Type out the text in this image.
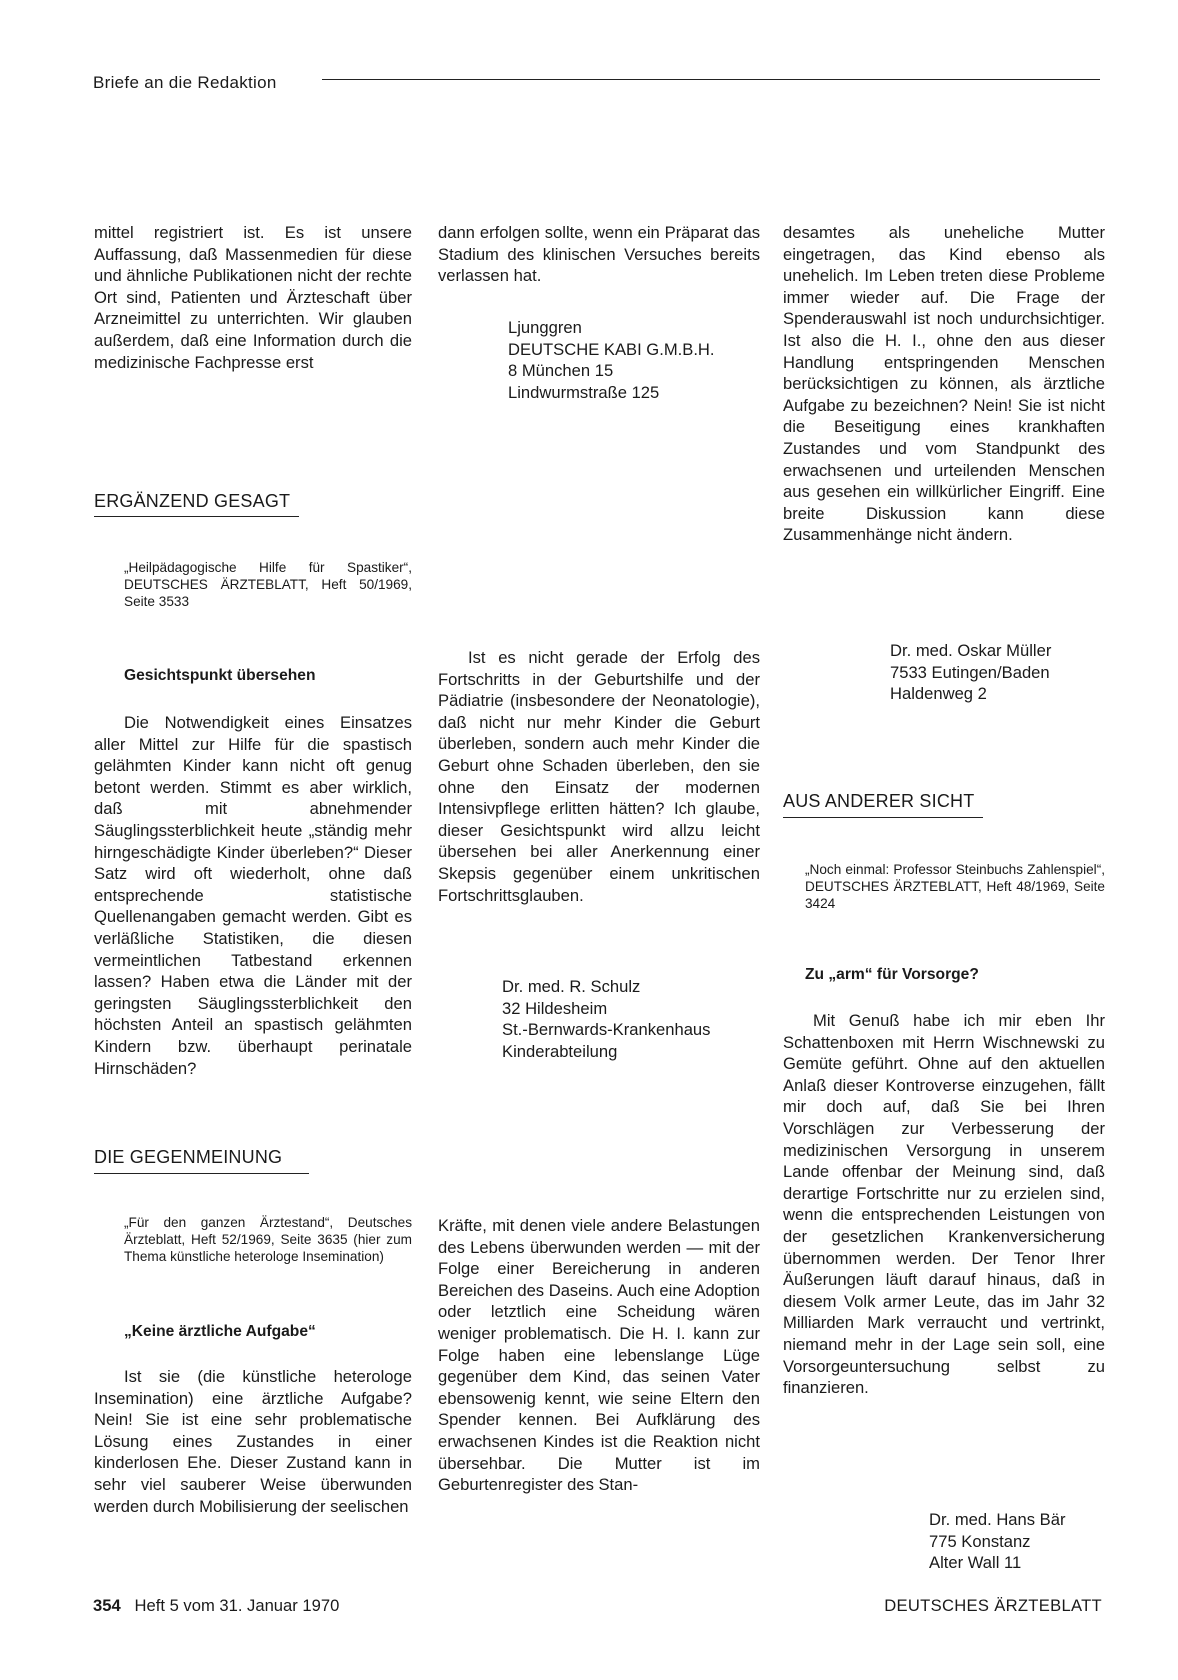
Briefe an die Redaktion

mittel registriert ist. Es ist unsere Auffassung, daß Massenmedien für diese und ähnliche Publikationen nicht der rechte Ort sind, Patienten und Ärzteschaft über Arzneimittel zu unterrichten. Wir glauben außerdem, daß eine Information durch die medizinische Fachpresse erst

dann erfolgen sollte, wenn ein Präparat das Stadium des klinischen Versuches bereits verlassen hat.

Ljunggren
DEUTSCHE KABI G.M.B.H.
8 München 15
Lindwurmstraße 125

desamtes als uneheliche Mutter eingetragen, das Kind ebenso als unehelich. Im Leben treten diese Probleme immer wieder auf. Die Frage der Spenderauswahl ist noch undurchsichtiger. Ist also die H. I., ohne den aus dieser Handlung entspringenden Menschen berücksichtigen zu können, als ärztliche Aufgabe zu bezeichnen? Nein! Sie ist nicht die Beseitigung eines krankhaften Zustandes und vom Standpunkt des erwachsenen und urteilenden Menschen aus gesehen ein willkürlicher Eingriff. Eine breite Diskussion kann diese Zusammenhänge nicht ändern.

Dr. med. Oskar Müller
7533 Eutingen/Baden
Haldenweg 2
ERGÄNZEND GESAGT

„Heilpädagogische Hilfe für Spastiker“, DEUTSCHES ÄRZTEBLATT, Heft 50/1969, Seite 3533

Gesichtspunkt übersehen

Die Notwendigkeit eines Einsatzes aller Mittel zur Hilfe für die spastisch gelähmten Kinder kann nicht oft genug betont werden. Stimmt es aber wirklich, daß mit abnehmender Säuglingssterblichkeit heute „ständig mehr hirngeschädigte Kinder überleben?“ Dieser Satz wird oft wiederholt, ohne daß entsprechende statistische Quellenangaben gemacht werden. Gibt es verläßliche Statistiken, die diesen vermeintlichen Tatbestand erkennen lassen? Haben etwa die Länder mit der geringsten Säuglingssterblichkeit den höchsten Anteil an spastisch gelähmten Kindern bzw. überhaupt perinatale Hirnschäden?

Ist es nicht gerade der Erfolg des Fortschritts in der Geburtshilfe und der Pädiatrie (insbesondere der Neonatologie), daß nicht nur mehr Kinder die Geburt überleben, sondern auch mehr Kinder die Geburt ohne Schaden überleben, den sie ohne den Einsatz der modernen Intensivpflege erlitten hätten? Ich glaube, dieser Gesichtspunkt wird allzu leicht übersehen bei aller Anerkennung einer Skepsis gegenüber einem unkritischen Fortschrittsglauben.

Dr. med. R. Schulz
32 Hildesheim
St.-Bernwards-Krankenhaus
Kinderabteilung
AUS ANDERER SICHT

„Noch einmal: Professor Steinbuchs Zahlenspiel“, DEUTSCHES ÄRZTEBLATT, Heft 48/1969, Seite 3424

Zu „arm“ für Vorsorge?

Mit Genuß habe ich mir eben Ihr Schattenboxen mit Herrn Wischnewski zu Gemüte geführt. Ohne auf den aktuellen Anlaß dieser Kontroverse einzugehen, fällt mir doch auf, daß Sie bei Ihren Vorschlägen zur Verbesserung der medizinischen Versorgung in unserem Lande offenbar der Meinung sind, daß derartige Fortschritte nur zu erzielen sind, wenn die entsprechenden Leistungen von der gesetzlichen Krankenversicherung übernommen werden. Der Tenor Ihrer Äußerungen läuft darauf hinaus, daß in diesem Volk armer Leute, das im Jahr 32 Milliarden Mark verraucht und vertrinkt, niemand mehr in der Lage sein soll, eine Vorsorgeuntersuchung selbst zu finanzieren.

Dr. med. Hans Bär
775 Konstanz
Alter Wall 11
DIE GEGENMEINUNG

„Für den ganzen Ärztestand“, Deutsches Ärzteblatt, Heft 52/1969, Seite 3635 (hier zum Thema künstliche heterologe Insemination)

„Keine ärztliche Aufgabe“

Ist sie (die künstliche heterologe Insemination) eine ärztliche Aufgabe? Nein! Sie ist eine sehr problematische Lösung eines Zustandes in einer kinderlosen Ehe. Dieser Zustand kann in sehr viel sauberer Weise überwunden werden durch Mobilisierung der seelischen

Kräfte, mit denen viele andere Belastungen des Lebens überwunden werden — mit der Folge einer Bereicherung in anderen Bereichen des Daseins. Auch eine Adoption oder letztlich eine Scheidung wären weniger problematisch. Die H. I. kann zur Folge haben eine lebenslange Lüge gegenüber dem Kind, das seinen Vater ebensowenig kennt, wie seine Eltern den Spender kennen. Bei Aufklärung des erwachsenen Kindes ist die Reaktion nicht übersehbar. Die Mutter ist im Geburtenregister des Stan-

354 Heft 5 vom 31. Januar 1970	DEUTSCHES ÄRZTEBLATT
